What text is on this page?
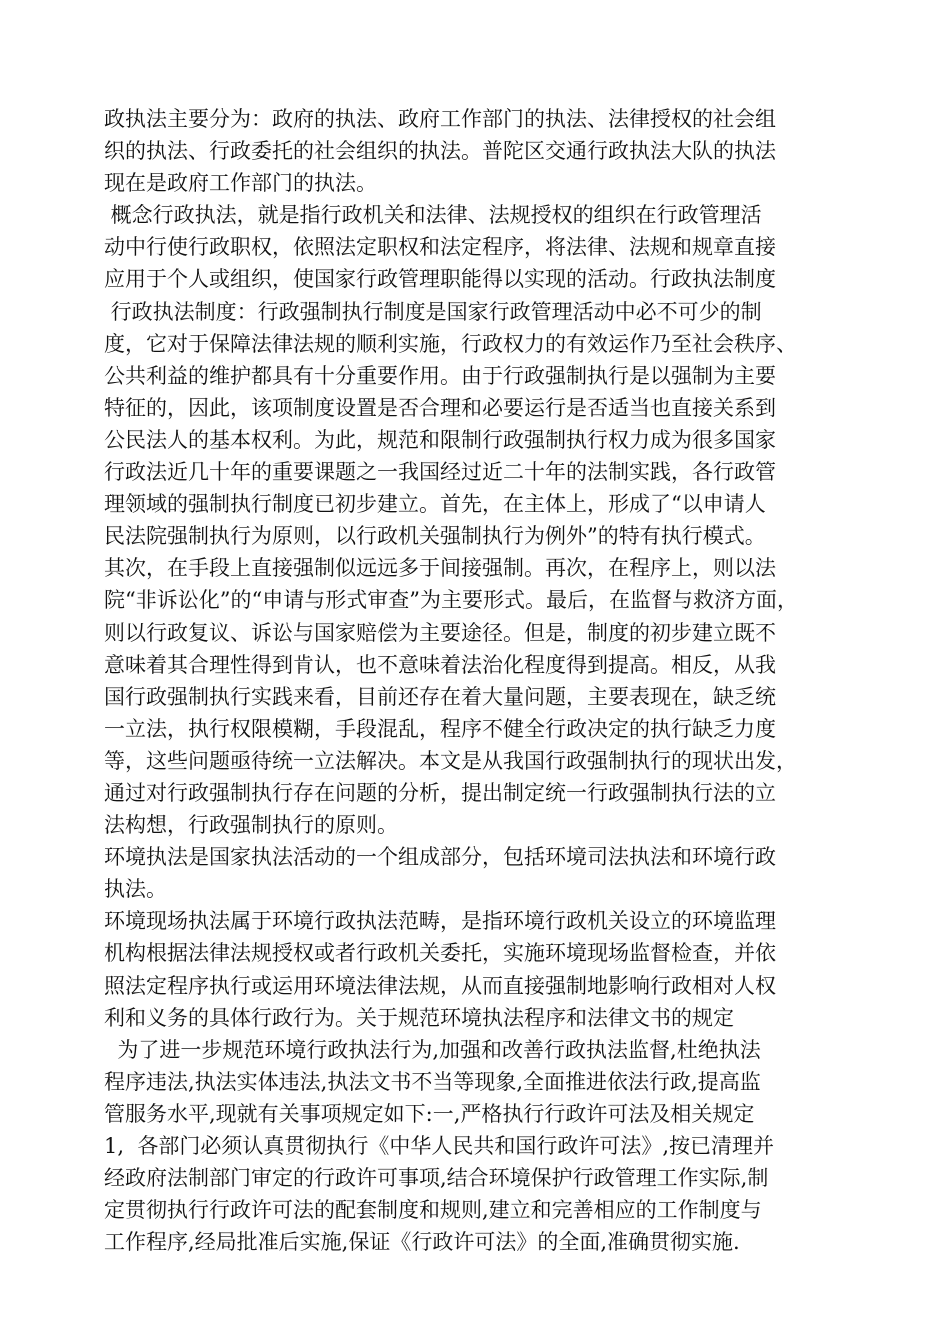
政执法主要分为：政府的执法、政府工作部门的执法、法律授权的社会组
织的执法、行政委托的社会组织的执法。普陀区交通行政执法大队的执法
现在是政府工作部门的执法。
概念行政执法，就是指行政机关和法律、法规授权的组织在行政管理活
动中行使行政职权，依照法定职权和法定程序，将法律、法规和规章直接
应用于个人或组织，使国家行政管理职能得以实现的活动。行政执法制度
行政执法制度：行政强制执行制度是国家行政管理活动中必不可少的制
度，它对于保障法律法规的顺利实施，行政权力的有效运作乃至社会秩序、
公共利益的维护都具有十分重要作用。由于行政强制执行是以强制为主要
特征的，因此，该项制度设置是否合理和必要运行是否适当也直接关系到
公民法人的基本权利。为此，规范和限制行政强制执行权力成为很多国家
行政法近几十年的重要课题之一我国经过近二十年的法制实践，各行政管
理领域的强制执行制度已初步建立。首先，在主体上，形成了“以申请人
民法院强制执行为原则，以行政机关强制执行为例外”的特有执行模式。
其次，在手段上直接强制似远远多于间接强制。再次，在程序上，则以法
院“非诉讼化”的“申请与形式审查”为主要形式。最后，在监督与救济方面，
则以行政复议、诉讼与国家赔偿为主要途径。但是，制度的初步建立既不
意味着其合理性得到肯认，也不意味着法治化程度得到提高。相反，从我
国行政强制执行实践来看，目前还存在着大量问题，主要表现在，缺乏统
一立法，执行权限模糊，手段混乱，程序不健全行政决定的执行缺乏力度
等，这些问题亟待统一立法解决。本文是从我国行政强制执行的现状出发，
通过对行政强制执行存在问题的分析，提出制定统一行政强制执行法的立
法构想，行政强制执行的原则。
环境执法是国家执法活动的一个组成部分，包括环境司法执法和环境行政
执法。
环境现场执法属于环境行政执法范畴，是指环境行政机关设立的环境监理
机构根据法律法规授权或者行政机关委托，实施环境现场监督检查，并依
照法定程序执行或运用环境法律法规，从而直接强制地影响行政相对人权
利和义务的具体行政行为。关于规范环境执法程序和法律文书的规定
为了进一步规范环境行政执法行为,加强和改善行政执法监督,杜绝执法
程序违法,执法实体违法,执法文书不当等现象,全面推进依法行政,提高监
管服务水平,现就有关事项规定如下:一,严格执行行政许可法及相关规定
1,  各部门必须认真贯彻执行《中华人民共和国行政许可法》,按已清理并
经政府法制部门审定的行政许可事项,结合环境保护行政管理工作实际,制
定贯彻执行行政许可法的配套制度和规则,建立和完善相应的工作制度与
工作程序,经局批准后实施,保证《行政许可法》的全面,准确贯彻实施.
